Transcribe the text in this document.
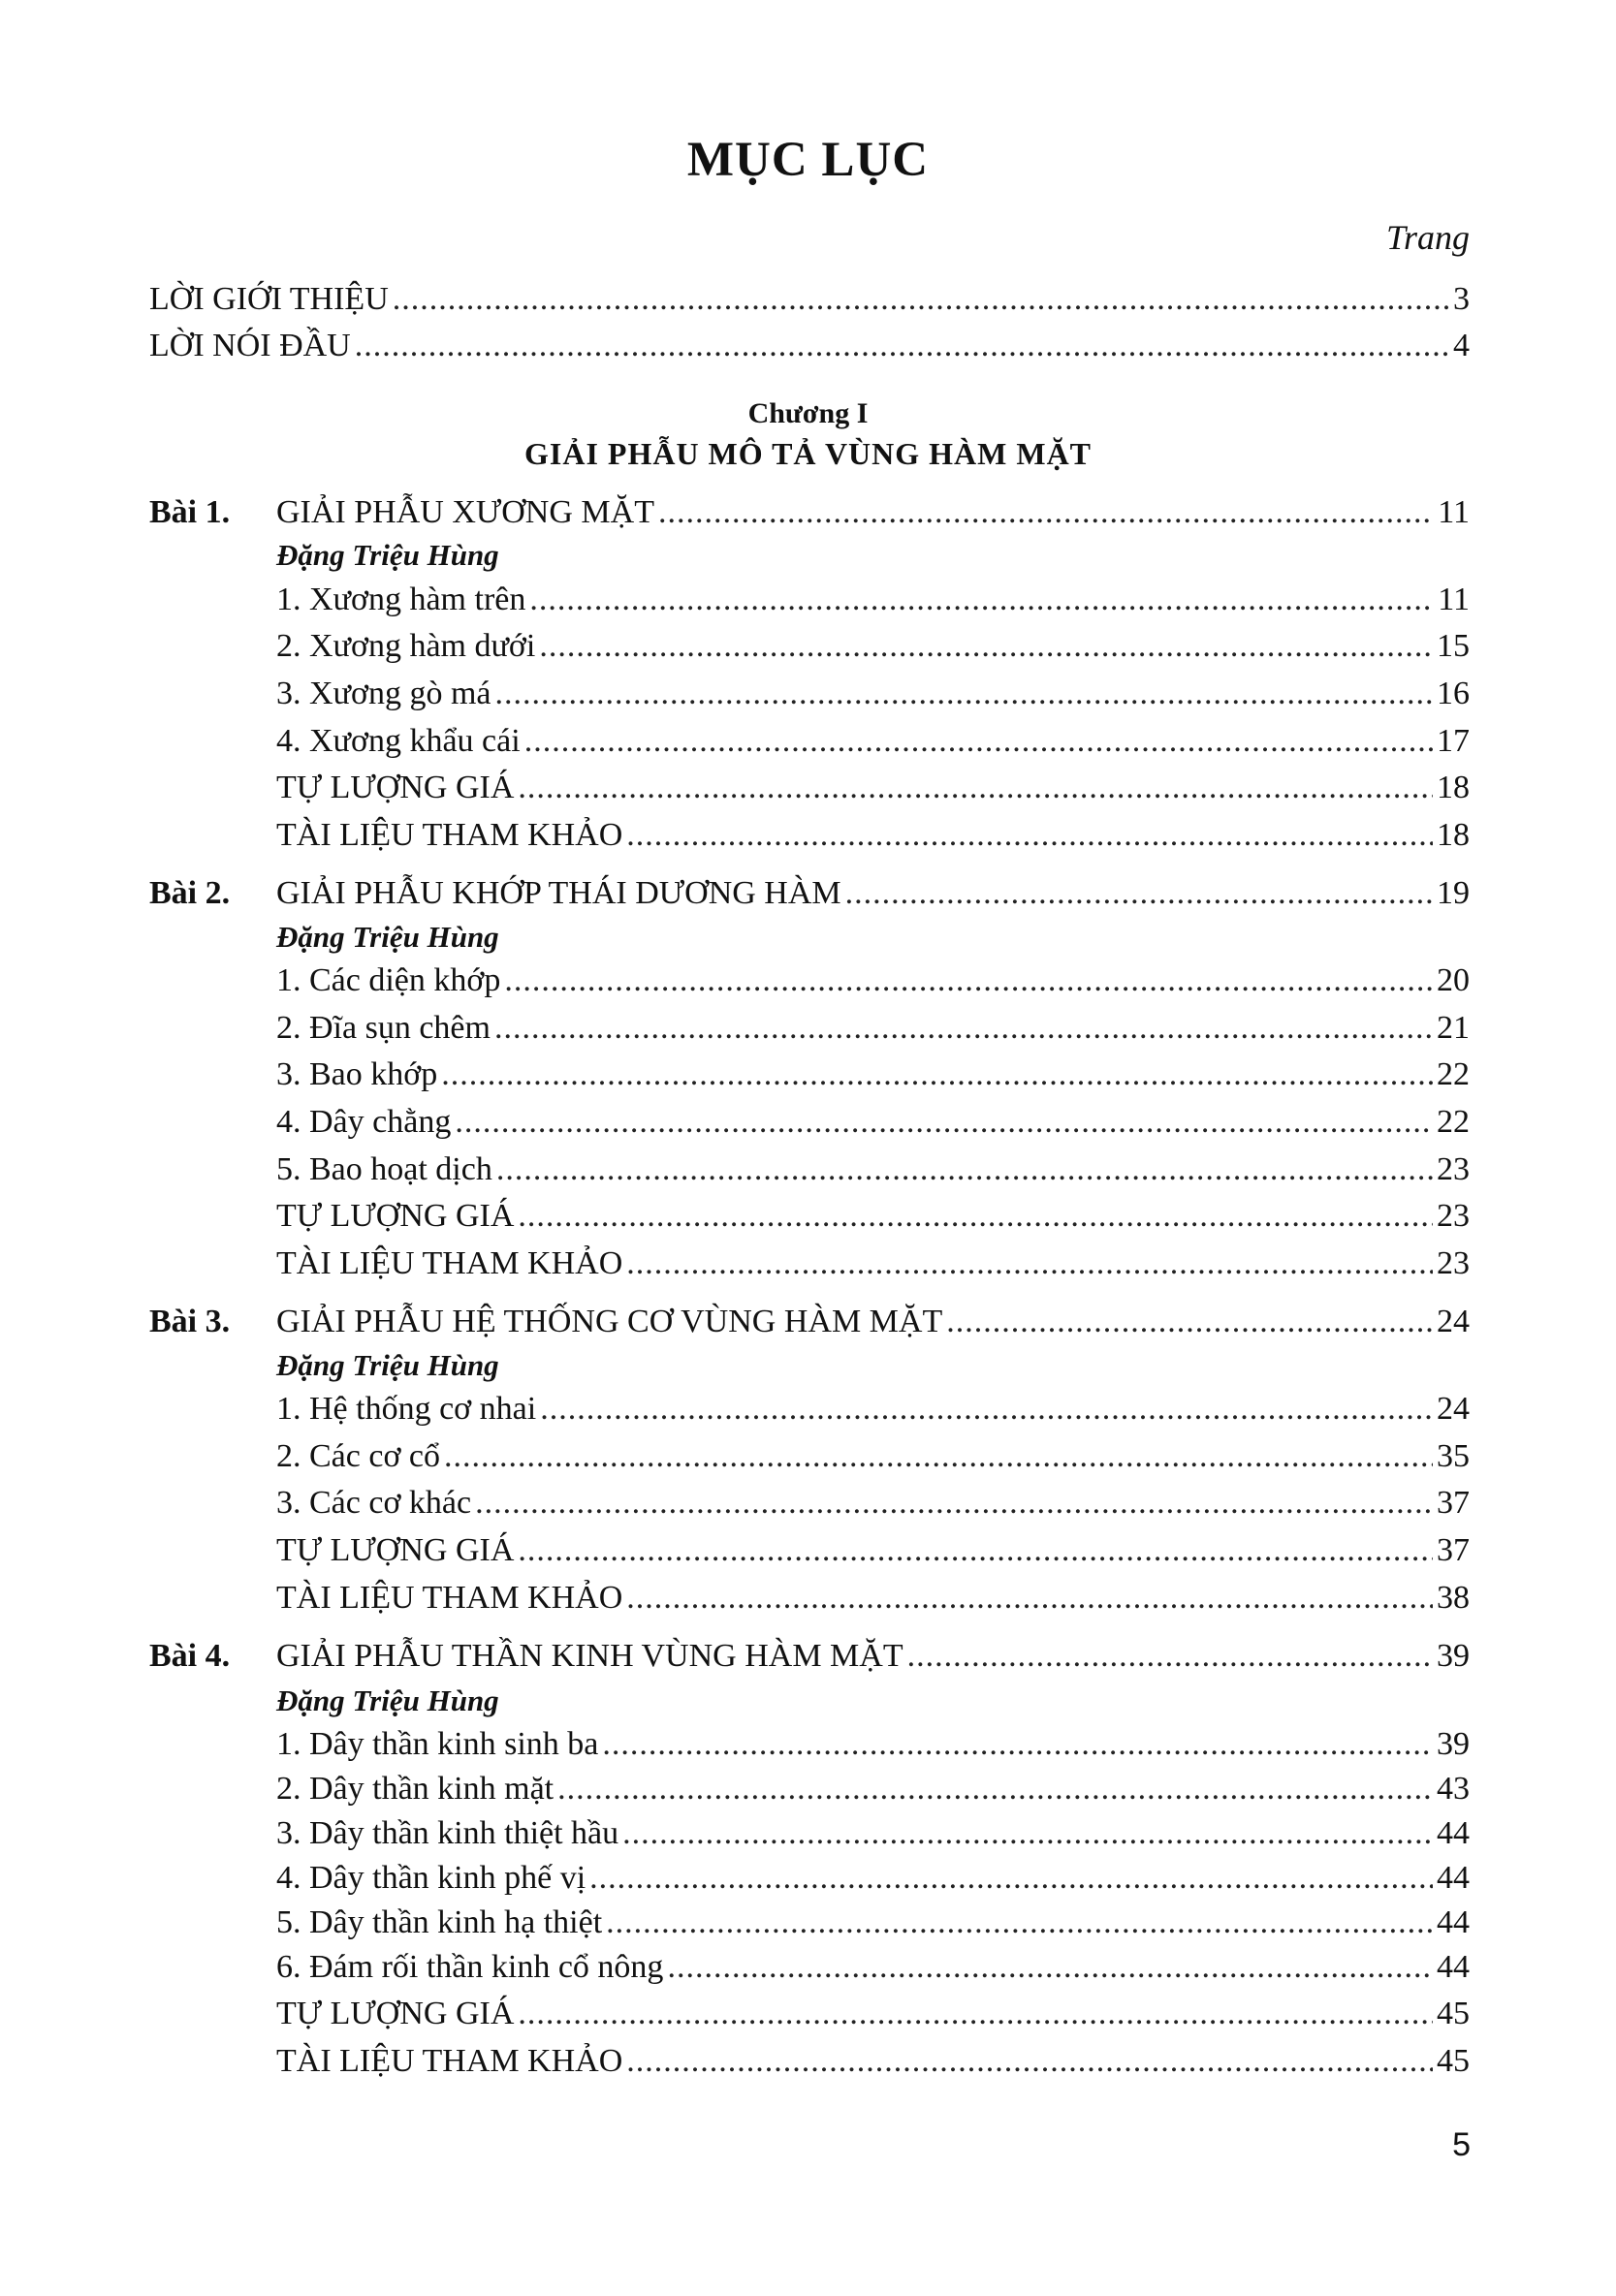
MỤC LỤC
Trang
LỜI GIỚI THIỆU .....	3
LỜI NÓI ĐẦU .....	4
Chương I
GIẢI PHẪU MÔ TẢ VÙNG HÀM MẶT
Bài 1.	GIẢI PHẪU XƯƠNG MẶT .....	11
Đặng Triệu Hùng
1. Xương hàm trên .....	11
2. Xương hàm dưới .....	15
3. Xương gò má .....	16
4. Xương khẩu cái .....	17
TỰ LƯỢNG GIÁ .....	18
TÀI LIỆU THAM KHẢO .....	18
Bài 2.	GIẢI PHẪU KHỚP THÁI DƯƠNG HÀM .....	19
Đặng Triệu Hùng
1. Các diện khớp .....	20
2. Đĩa sụn chêm .....	21
3. Bao khớp .....	22
4. Dây chằng .....	22
5. Bao hoạt dịch .....	23
TỰ LƯỢNG GIÁ .....	23
TÀI LIỆU THAM KHẢO .....	23
Bài 3.	GIẢI PHẪU HỆ THỐNG CƠ VÙNG HÀM MẶT .....	24
Đặng Triệu Hùng
1. Hệ thống cơ nhai .....	24
2. Các cơ cổ .....	35
3. Các cơ khác .....	37
TỰ LƯỢNG GIÁ .....	37
TÀI LIỆU THAM KHẢO .....	38
Bài 4.	GIẢI PHẪU THẦN KINH VÙNG HÀM MẶT .....	39
Đặng Triệu Hùng
1. Dây thần kinh sinh ba .....	39
2. Dây thần kinh mặt .....	43
3. Dây thần kinh thiệt hầu .....	44
4. Dây thần kinh phế vị .....	44
5. Dây thần kinh hạ thiệt .....	44
6. Đám rối thần kinh cổ nông .....	44
TỰ LƯỢNG GIÁ .....	45
TÀI LIỆU THAM KHẢO .....	45
5
